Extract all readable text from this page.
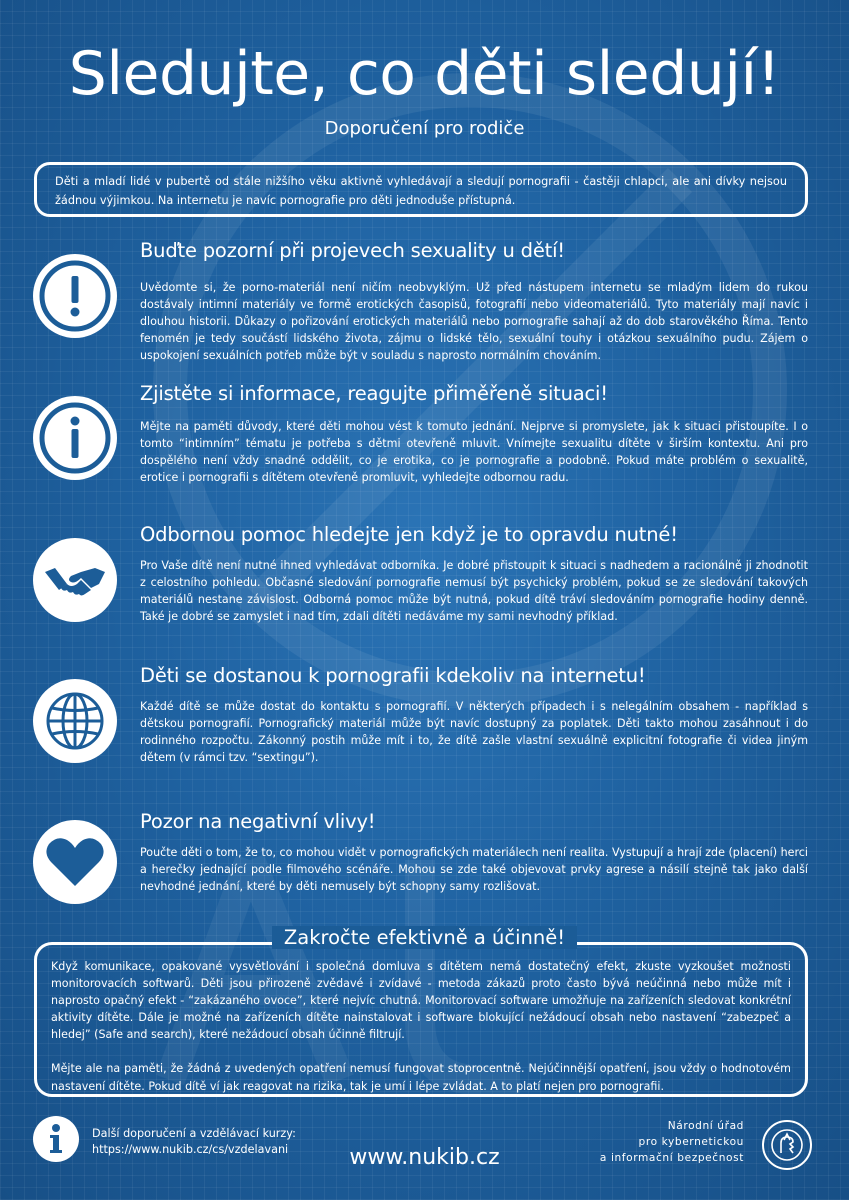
Sledujte, co děti sledují!
Doporučení pro rodiče
Děti a mladí lidé v pubertě od stále nižšího věku aktivně vyhledávají a sledují pornografii - častěji chlapci, ale ani dívky nejsou žádnou výjimkou. Na internetu je navíc pornografie pro děti jednoduše přístupná.
Buďte pozorní při projevech sexuality u dětí!
Uvědomte si, že porno-materiál není ničím neobvyklým. Už před nástupem internetu se mladým lidem do rukou dostávaly intimní materiály ve formě erotických časopisů, fotografií nebo videomateriálů. Tyto materiály mají navíc i dlouhou historii. Důkazy o pořizování erotických materiálů nebo pornografie sahají až do dob starověkého Říma. Tento fenomén je tedy součástí lidského života, zájmu o lidské tělo, sexuální touhy i otázkou sexuálního pudu. Zájem o uspokojení sexuálních potřeb může být v souladu s naprosto normálním chováním.
Zjistěte si informace, reagujte přiměřeně situaci!
Mějte na paměti důvody, které děti mohou vést k tomuto jednání. Nejprve si promyslete, jak k situaci přistoupíte. I o tomto “intimním” tématu je potřeba s dětmi otevřeně mluvit. Vnímejte sexualitu dítěte v širším kontextu. Ani pro dospělého není vždy snadné oddělit, co je erotika, co je pornografie a podobně. Pokud máte problém o sexualitě, erotice i pornografii s dítětem otevřeně promluvit, vyhledejte odbornou radu.
Odbornou pomoc hledejte jen když je to opravdu nutné!
Pro Vaše dítě není nutné ihned vyhledávat odborníka. Je dobré přistoupit k situaci s nadhedem a racionálně ji zhodnotit z celostního pohledu. Občasné sledování pornografie nemusí být psychický problém, pokud se ze sledování takových materiálů nestane závislost. Odborná pomoc může být nutná, pokud dítě tráví sledováním pornografie hodiny denně. Také je dobré se zamyslet i nad tím, zdali dítěti nedáváme my sami nevhodný příklad.
Děti se dostanou k pornografii kdekoliv na internetu!
Každé dítě se může dostat do kontaktu s pornografií. V některých případech i s nelegálním obsahem - například s dětskou pornografií. Pornografický materiál může být navíc dostupný za poplatek. Děti takto mohou zasáhnout i do rodinného rozpočtu. Zákonný postih může mít i to, že dítě zašle vlastní sexuálně explicitní fotografie či videa jiným dětem (v rámci tzv. “sextingu”).
Pozor na negativní vlivy!
Poučte děti o tom, že to, co mohou vidět v pornografických materiálech není realita. Vystupují a hrají zde (placení) herci a herečky jednající podle filmového scénáře. Mohou se zde také objevovat prvky agrese a násilí stejně tak jako další nevhodné jednání, které by děti nemusely být schopny samy rozlišovat.

Když komunikace, opakované vysvětlování i společná domluva s dítětem nemá dostatečný efekt, zkuste vyzkoušet možnosti monitorovacích softwarů. Děti jsou přirozeně zvědavé i zvídavé - metoda zákazů proto často bývá neúčinná nebo může mít i naprosto opačný efekt - “zakázaného ovoce”, které nejvíc chutná. Monitorovací software umožňuje na zařízeních sledovat konkrétní aktivity dítěte. Dále je možné na zařízeních dítěte nainstalovat i software blokující nežádoucí obsah nebo nastavení “zabezpeč a hledej” (Safe and search), které nežádoucí obsah účinně filtrují.

Mějte ale na paměti, že žádná z uvedených opatření nemusí fungovat stoprocentně. Nejúčinnější opatření, jsou vždy o hodnotovém nastavení dítěte. Pokud dítě ví jak reagovat na rizika, tak je umí i lépe zvládat. A to platí nejen pro pornografii.

Zakročte efektivně a účinně!
Další doporučení a vzdělávací kurzy:
https://www.nukib.cz/cs/vzdelavani	www.nukib.cz
Národní úřad
pro kybernetickou
a informační bezpečnost
